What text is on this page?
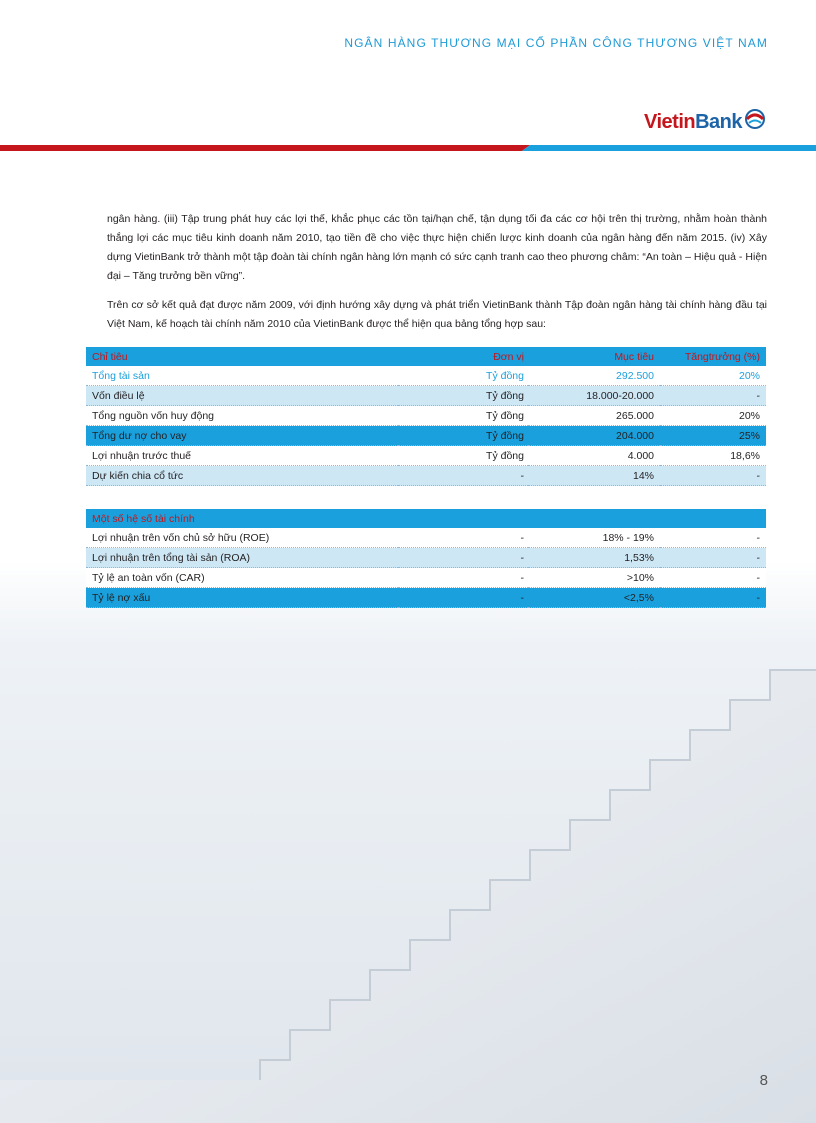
NGÂN HÀNG THƯƠNG MẠI CỔ PHẦN CÔNG THƯƠNG VIỆT NAM
VietinBank

ngân hàng. (iii) Tập trung phát huy các lợi thế, khắc phục các tồn tại/hạn chế, tận dụng tối đa các cơ hội trên thị trường, nhằm hoàn thành thắng lợi các mục tiêu kinh doanh năm 2010, tạo tiền đề cho việc thực hiện chiến lược kinh doanh của ngân hàng đến năm 2015. (iv) Xây dựng VietinBank trở thành một tập đoàn tài chính ngân hàng lớn mạnh có sức cạnh tranh cao theo phương châm: “An toàn – Hiệu quả - Hiện đại – Tăng trưởng bền vững”.

Trên cơ sở kết quả đạt được năm 2009, với định hướng xây dựng và phát triển VietinBank thành Tập đoàn ngân hàng tài chính hàng đầu tại Việt Nam, kế hoạch tài chính năm 2010 của VietinBank được thể hiện qua bảng tổng hợp sau:

Chỉ tiêu	Đơn vị	Mục tiêu	Tăngtrưởng (%)
Tổng tài sản	Tỷ đồng	292.500	20%
Vốn điều lệ	Tỷ đồng	18.000-20.000	-
Tổng nguồn vốn huy động	Tỷ đồng	265.000	20%
Tổng dư nợ cho vay	Tỷ đồng	204.000	25%
Lợi nhuận trước thuế	Tỷ đồng	4.000	18,6%
Dự kiến chia cổ tức	-	14%	-
Một số hệ số tài chính			
Lợi nhuận trên vốn chủ sở hữu (ROE)	-	18% - 19%	-
Lợi nhuận trên tổng tài sản (ROA)	-	1,53%	-
Tỷ lệ an toàn vốn (CAR)	-	>10%	-
Tỷ lệ nợ xấu	-	<2,5%	-
8
